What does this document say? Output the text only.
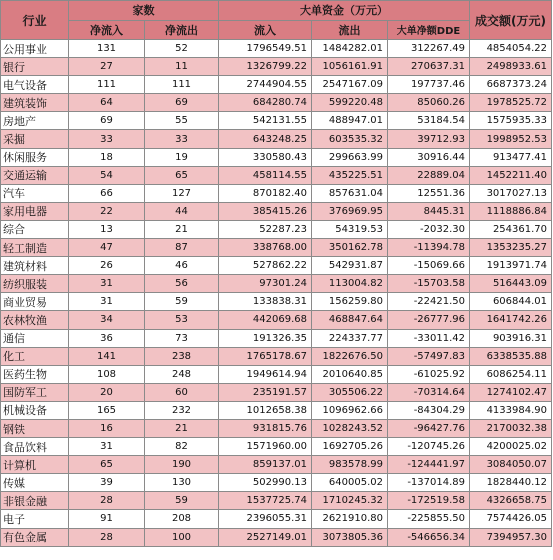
行业	家数		大单资金（万元）			成交额(万元)
	净流入	净流出	流入	流出	大单净额DDE	
公用事业	131	52	1796549.51	1484282.01	312267.49	4854054.22
银行	27	11	1326799.22	1056161.91	270637.31	2498933.61
电气设备	111	111	2744904.55	2547167.09	197737.46	6687373.24
建筑装饰	64	69	684280.74	599220.48	85060.26	1978525.72
房地产	69	55	542131.55	488947.01	53184.54	1575935.33
采掘	33	33	643248.25	603535.32	39712.93	1998952.53
休闲服务	18	19	330580.43	299663.99	30916.44	913477.41
交通运输	54	65	458114.55	435225.51	22889.04	1452211.40
汽车	66	127	870182.40	857631.04	12551.36	3017027.13
家用电器	22	44	385415.26	376969.95	8445.31	1118886.84
综合	13	21	52287.23	54319.53	-2032.30	254361.70
轻工制造	47	87	338768.00	350162.78	-11394.78	1353235.27
建筑材料	26	46	527862.22	542931.87	-15069.66	1913971.74
纺织服装	31	56	97301.24	113004.82	-15703.58	516443.09
商业贸易	31	59	133838.31	156259.80	-22421.50	606844.01
农林牧渔	34	53	442069.68	468847.64	-26777.96	1641742.26
通信	36	73	191326.35	224337.77	-33011.42	903916.31
化工	141	238	1765178.67	1822676.50	-57497.83	6338535.88
医药生物	108	248	1949614.94	2010640.85	-61025.92	6086254.11
国防军工	20	60	235191.57	305506.22	-70314.64	1274102.47
机械设备	165	232	1012658.38	1096962.66	-84304.29	4133984.90
钢铁	16	21	931815.76	1028243.52	-96427.76	2170032.38
食品饮料	31	82	1571960.00	1692705.26	-120745.26	4200025.02
计算机	65	190	859137.01	983578.99	-124441.97	3084050.07
传媒	39	130	502990.13	640005.02	-137014.89	1828440.12
非银金融	28	59	1537725.74	1710245.32	-172519.58	4326658.75
电子	91	208	2396055.31	2621910.80	-225855.50	7574426.05
有色金属	28	100	2527149.01	3073805.36	-546656.34	7394957.30
